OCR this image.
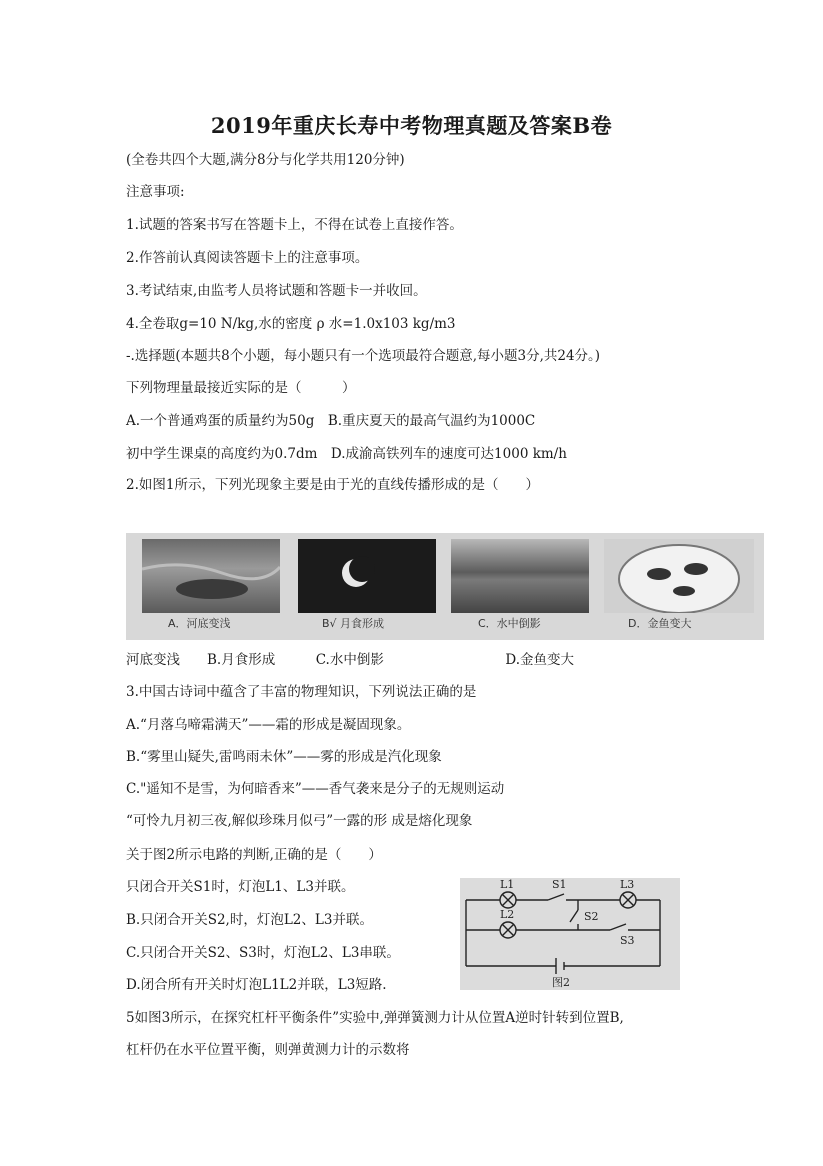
2019年重庆长寿中考物理真题及答案B卷
(全卷共四个大题,满分8分与化学共用120分钟)
注意事项:
1.试题的答案书写在答题卡上，不得在试卷上直接作答。
2.作答前认真阅读答题卡上的注意事项。
3.考试结束,由监考人员将试题和答题卡一并收回。
4.全卷取g=10 N/kg,水的密度 ρ 水=1.0x103 kg/m3
-.选择题(本题共8个小题，每小题只有一个选项最符合题意,每小题3分,共24分。)
下列物理量最接近实际的是（　　　）
A.一个普通鸡蛋的质量约为50g　B.重庆夏天的最高气温约为1000C
初中学生课桌的高度约为0.7dm　D.成渝高铁列车的速度可达1000 km/h
2.如图1所示，下列光现象主要是由于光的直线传播形成的是（　　）
A．河底变浅	B√ 月食形成	C．水中倒影	D．金鱼变大
河底变浅　　B.月食形成　　　C.水中倒影　　　　　　　　　D.金鱼变大
3.中国古诗词中蕴含了丰富的物理知识，下列说法正确的是
A.“月落乌啼霜满天”——霜的形成是凝固现象。
B.“雾里山疑失,雷鸣雨未休”——雾的形成是汽化现象
C."遥知不是雪，为何暗香来”——香气袭来是分子的无规则运动
“可怜九月初三夜,解似珍珠月似弓”一露的形 成是熔化现象
关于图2所示电路的判断,正确的是（　　）
只闭合开关S1时，灯泡L1、L3并联。
B.只闭合开关S2,时，灯泡L2、L3并联。
C.只闭合开关S2、S3时，灯泡L2、L3串联。
D.闭合所有开关时灯泡L1L2并联，L3短路.
L1	S1	L3
L2	S2
S3
图2
5如图3所示，在探究杠杆平衡条件”实验中,弹弹簧测力计从位置A逆时针转到位置B,
杠杆仍在水平位置平衡，则弹黄测力计的示数将
